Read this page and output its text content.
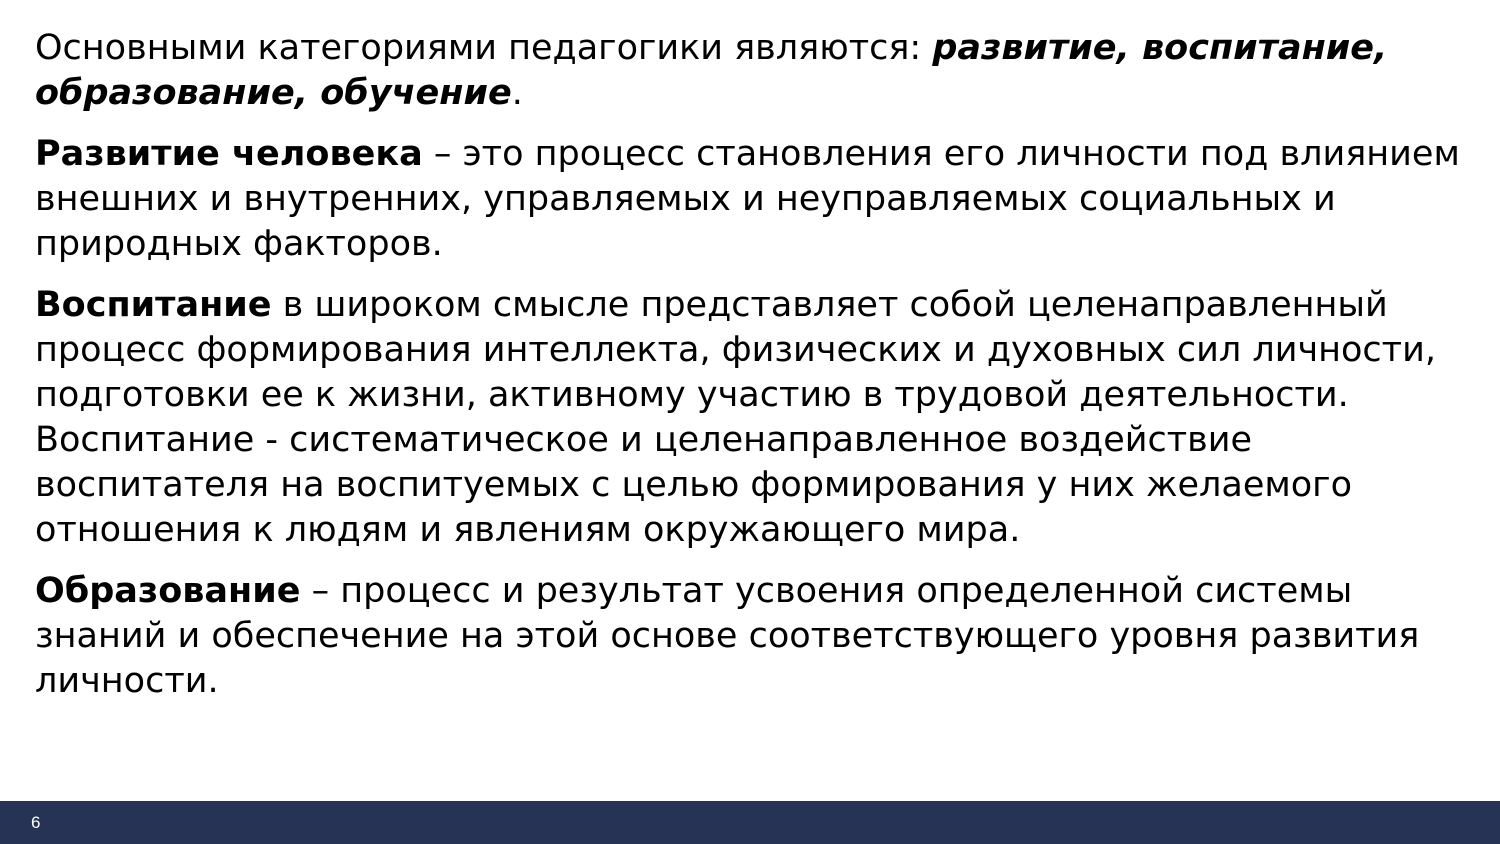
Основными категориями педагогики являются: развитие, воспитание, образование, обучение.

Развитие человека – это процесс становления его личности под влиянием внешних и внутренних, управляемых и неуправляемых социальных и природных факторов.

Воспитание в широком смысле представляет собой целенаправленный процесс формирования интеллекта, физических и духовных сил личности, подготовки ее к жизни, активному участию в трудовой деятельности. Воспитание - систематическое и целенаправленное воздействие воспитателя на воспитуемых с целью формирования у них желаемого отношения к людям и явлениям окружающего мира.

Образование – процесс и результат усвоения определенной системы знаний и обеспечение на этой основе соответствующего уровня развития личности.

6
